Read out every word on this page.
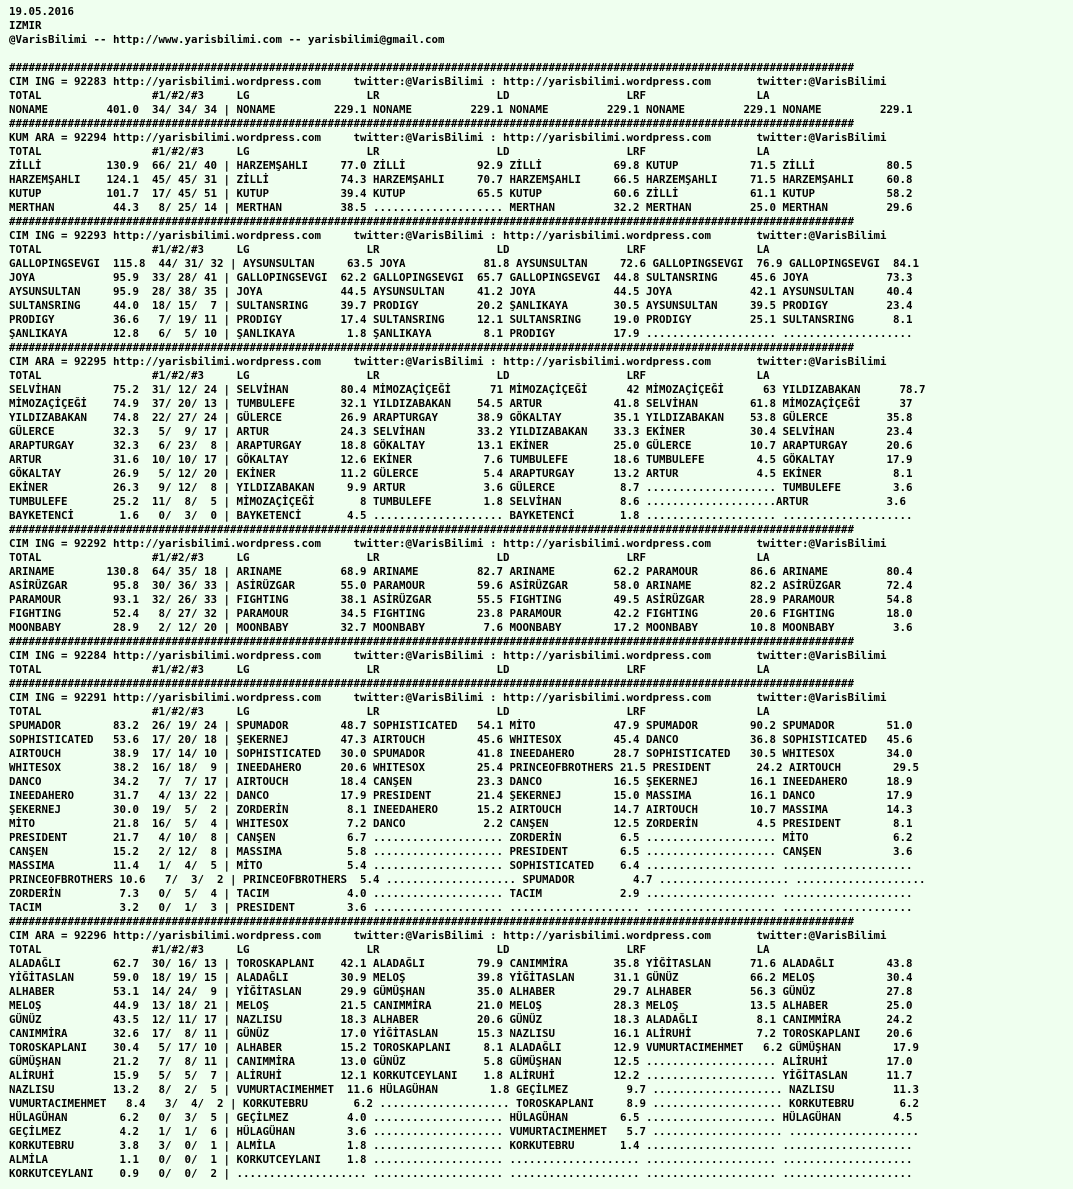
19.05.2016
IZMIR
@VarisBilimi -- http://www.yarisbilimi.com -- yarisbilimi@gmail.com
##################################################################################################################################
CIM ING = 92283 http://yarisbilimi.wordpress.com     twitter:@VarisBilimi : http://yarisbilimi.wordpress.com       twitter:@VarisBilimi
TOTAL                 #1/#2/#3     LG                  LR                  LD                  LRF                 LA
NONAME         401.0  34/ 34/ 34 | NONAME         229.1 NONAME         229.1 NONAME         229.1 NONAME         229.1 NONAME         229.1
##################################################################################################################################
KUM ARA = 92294 http://yarisbilimi.wordpress.com     twitter:@VarisBilimi : http://yarisbilimi.wordpress.com       twitter:@VarisBilimi
TOTAL                 #1/#2/#3     LG                  LR                  LD                  LRF                 LA
ZİLLİ          130.9  66/ 21/ 40 | HARZEMŞAHLI     77.0 ZİLLİ           92.9 ZİLLİ           69.8 KUTUP           71.5 ZİLLİ           80.5
HARZEMŞAHLI    124.1  45/ 45/ 31 | ZİLLİ           74.3 HARZEMŞAHLI     70.7 HARZEMŞAHLI     66.5 HARZEMŞAHLI     71.5 HARZEMŞAHLI     60.8
KUTUP          101.7  17/ 45/ 51 | KUTUP           39.4 KUTUP           65.5 KUTUP           60.6 ZİLLİ           61.1 KUTUP           58.2
MERTHAN         44.3   8/ 25/ 14 | MERTHAN         38.5 .................... MERTHAN         32.2 MERTHAN         25.0 MERTHAN         29.6
##################################################################################################################################
CIM ING = 92293 http://yarisbilimi.wordpress.com     twitter:@VarisBilimi : http://yarisbilimi.wordpress.com       twitter:@VarisBilimi
TOTAL                 #1/#2/#3     LG                  LR                  LD                  LRF                 LA
GALLOPINGSEVGI  115.8  44/ 31/ 32 | AYSUNSULTAN     63.5 JOYA            81.8 AYSUNSULTAN     72.6 GALLOPINGSEVGI  76.9 GALLOPINGSEVGI  84.1
JOYA            95.9  33/ 28/ 41 | GALLOPINGSEVGI  62.2 GALLOPINGSEVGI  65.7 GALLOPINGSEVGI  44.8 SULTANSRING     45.6 JOYA            73.3
AYSUNSULTAN     95.9  28/ 38/ 35 | JOYA            44.5 AYSUNSULTAN     41.2 JOYA            44.5 JOYA            42.1 AYSUNSULTAN     40.4
SULTANSRING     44.0  18/ 15/  7 | SULTANSRING     39.7 PRODIGY         20.2 ŞANLIKAYA       30.5 AYSUNSULTAN     39.5 PRODIGY         23.4
PRODIGY         36.6   7/ 19/ 11 | PRODIGY         17.4 SULTANSRING     12.1 SULTANSRING     19.0 PRODIGY         25.1 SULTANSRING      8.1
ŞANLIKAYA       12.8   6/  5/ 10 | ŞANLIKAYA        1.8 ŞANLIKAYA        8.1 PRODIGY         17.9 .................... ....................
##################################################################################################################################
CIM ARA = 92295 http://yarisbilimi.wordpress.com     twitter:@VarisBilimi : http://yarisbilimi.wordpress.com       twitter:@VarisBilimi
TOTAL                 #1/#2/#3     LG                  LR                  LD                  LRF                 LA
SELVİHAN        75.2  31/ 12/ 24 | SELVİHAN        80.4 MİMOZAÇİÇEĞİ      71 MİMOZAÇİÇEĞİ      42 MİMOZAÇİÇEĞİ      63 YILDIZABAKAN      78.7
MİMOZAÇİÇEĞİ    74.9  37/ 20/ 13 | TUMBULEFE       32.1 YILDIZABAKAN    54.5 ARTUR           41.8 SELVİHAN        61.8 MİMOZAÇİÇEĞİ      37
YILDIZABAKAN    74.8  22/ 27/ 24 | GÜLERCE         26.9 ARAPTURGAY      38.9 GÖKALTAY        35.1 YILDIZABAKAN    53.8 GÜLERCE         35.8
GÜLERCE         32.3   5/  9/ 17 | ARTUR           24.3 SELVİHAN        33.2 YILDIZABAKAN    33.3 EKİNER          30.4 SELVİHAN        23.4
ARAPTURGAY      32.3   6/ 23/  8 | ARAPTURGAY      18.8 GÖKALTAY        13.1 EKİNER          25.0 GÜLERCE         10.7 ARAPTURGAY      20.6
ARTUR           31.6  10/ 10/ 17 | GÖKALTAY        12.6 EKİNER           7.6 TUMBULEFE       18.6 TUMBULEFE        4.5 GÖKALTAY        17.9
GÖKALTAY        26.9   5/ 12/ 20 | EKİNER          11.2 GÜLERCE          5.4 ARAPTURGAY      13.2 ARTUR            4.5 EKİNER           8.1
EKİNER          26.3   9/ 12/  8 | YILDIZABAKAN     9.9 ARTUR            3.6 GÜLERCE          8.7 .................... TUMBULEFE        3.6
TUMBULEFE       25.2  11/  8/  5 | MİMOZAÇİÇEĞİ       8 TUMBULEFE        1.8 SELVİHAN         8.6 ....................ARTUR            3.6
BAYKETENCİ       1.6   0/  3/  0 | BAYKETENCİ       4.5 .................... BAYKETENCİ       1.8 .................... ....................
##################################################################################################################################
CIM ING = 92292 http://yarisbilimi.wordpress.com     twitter:@VarisBilimi : http://yarisbilimi.wordpress.com       twitter:@VarisBilimi
TOTAL                 #1/#2/#3     LG                  LR                  LD                  LRF                 LA
ARINAME        130.8  64/ 35/ 18 | ARINAME         68.9 ARINAME         82.7 ARINAME         62.2 PARAMOUR        86.6 ARINAME         80.4
ASİRÜZGAR       95.8  30/ 36/ 33 | ASİRÜZGAR       55.0 PARAMOUR        59.6 ASİRÜZGAR       58.0 ARINAME         82.2 ASİRÜZGAR       72.4
PARAMOUR        93.1  32/ 26/ 33 | FIGHTING        38.1 ASİRÜZGAR       55.5 FIGHTING        49.5 ASİRÜZGAR       28.9 PARAMOUR        54.8
FIGHTING        52.4   8/ 27/ 32 | PARAMOUR        34.5 FIGHTING        23.8 PARAMOUR        42.2 FIGHTING        20.6 FIGHTING        18.0
MOONBABY        28.9   2/ 12/ 20 | MOONBABY        32.7 MOONBABY         7.6 MOONBABY        17.2 MOONBABY        10.8 MOONBABY         3.6
##################################################################################################################################
CIM ING = 92284 http://yarisbilimi.wordpress.com     twitter:@VarisBilimi : http://yarisbilimi.wordpress.com       twitter:@VarisBilimi
TOTAL                 #1/#2/#3     LG                  LR                  LD                  LRF                 LA
##################################################################################################################################
CIM ING = 92291 http://yarisbilimi.wordpress.com     twitter:@VarisBilimi : http://yarisbilimi.wordpress.com       twitter:@VarisBilimi
TOTAL                 #1/#2/#3     LG                  LR                  LD                  LRF                 LA
SPUMADOR        83.2  26/ 19/ 24 | SPUMADOR        48.7 SOPHISTICATED   54.1 MİTO            47.9 SPUMADOR        90.2 SPUMADOR        51.0
SOPHISTICATED   53.6  17/ 20/ 18 | ŞEKERNEJ        47.3 AIRTOUCH        45.6 WHITESOX        45.4 DANCO           36.8 SOPHISTICATED   45.6
AIRTOUCH        38.9  17/ 14/ 10 | SOPHISTICATED   30.0 SPUMADOR        41.8 INEEDAHERO      28.7 SOPHISTICATED   30.5 WHITESOX        34.0
WHITESOX        38.2  16/ 18/  9 | INEEDAHERO      20.6 WHITESOX        25.4 PRINCEOFBROTHERS 21.5 PRESIDENT       24.2 AIRTOUCH        29.5
DANCO           34.2   7/  7/ 17 | AIRTOUCH        18.4 CANŞEN          23.3 DANCO           16.5 ŞEKERNEJ        16.1 INEEDAHERO      18.9
INEEDAHERO      31.7   4/ 13/ 22 | DANCO           17.9 PRESIDENT       21.4 ŞEKERNEJ        15.0 MASSIMA         16.1 DANCO           17.9
ŞEKERNEJ        30.0  19/  5/  2 | ZORDERİN         8.1 INEEDAHERO      15.2 AIRTOUCH        14.7 AIRTOUCH        10.7 MASSIMA         14.3
MİTO            21.8  16/  5/  4 | WHITESOX         7.2 DANCO            2.2 CANŞEN          12.5 ZORDERİN         4.5 PRESIDENT        8.1
PRESIDENT       21.7   4/ 10/  8 | CANŞEN           6.7 .................... ZORDERİN         6.5 .................... MİTO             6.2
CANŞEN          15.2   2/ 12/  8 | MASSIMA          5.8 .................... PRESIDENT        6.5 .................... CANŞEN           3.6
MASSIMA         11.4   1/  4/  5 | MİTO             5.4 .................... SOPHISTICATED    6.4 .................... ....................
PRINCEOFBROTHERS 10.6   7/  3/  2 | PRINCEOFBROTHERS  5.4 .................... SPUMADOR         4.7 .................... ....................
ZORDERİN         7.3   0/  5/  4 | TACIM            4.0 .................... TACIM            2.9 .................... ....................
TACIM            3.2   0/  1/  3 | PRESIDENT        3.6 .................... .................... .................... ....................
##################################################################################################################################
CIM ARA = 92296 http://yarisbilimi.wordpress.com     twitter:@VarisBilimi : http://yarisbilimi.wordpress.com       twitter:@VarisBilimi
TOTAL                 #1/#2/#3     LG                  LR                  LD                  LRF                 LA
ALADAĞLI        62.7  30/ 16/ 13 | TOROSKAPLANI    42.1 ALADAĞLI        79.9 CANIMMİRA       35.8 YİĞİTASLAN      71.6 ALADAĞLI        43.8
YİĞİTASLAN      59.0  18/ 19/ 15 | ALADAĞLI        30.9 MELOŞ           39.8 YİĞİTASLAN      31.1 GÜNÜZ           66.2 MELOŞ           30.4
ALHABER         53.1  14/ 24/  9 | YİĞİTASLAN      29.9 GÜMÜŞHAN        35.0 ALHABER         29.7 ALHABER         56.3 GÜNÜZ           27.8
MELOŞ           44.9  13/ 18/ 21 | MELOŞ           21.5 CANIMMİRA       21.0 MELOŞ           28.3 MELOŞ           13.5 ALHABER         25.0
GÜNÜZ           43.5  12/ 11/ 17 | NAZLISU         18.3 ALHABER         20.6 GÜNÜZ           18.3 ALADAĞLI         8.1 CANIMMİRA       24.2
CANIMMİRA       32.6  17/  8/ 11 | GÜNÜZ           17.0 YİĞİTASLAN      15.3 NAZLISU         16.1 ALİRUHİ          7.2 TOROSKAPLANI    20.6
TOROSKAPLANI    30.4   5/ 17/ 10 | ALHABER         15.2 TOROSKAPLANI     8.1 ALADAĞLI        12.9 VUMURTACIMEHMET   6.2 GÜMÜŞHAN        17.9
GÜMÜŞHAN        21.2   7/  8/ 11 | CANIMMİRA       13.0 GÜNÜZ            5.8 GÜMÜŞHAN        12.5 .................... ALİRUHİ         17.0
ALİRUHİ         15.9   5/  5/  7 | ALİRUHİ         12.1 KORKUTCEYLANI    1.8 ALİRUHİ         12.2 .................... YİĞİTASLAN      11.7
NAZLISU         13.2   8/  2/  5 | VUMURTACIMEHMET  11.6 HÜLAGÜHAN        1.8 GEÇİLMEZ         9.7 .................... NAZLISU         11.3
VUMURTACIMEHMET   8.4   3/  4/  2 | KORKUTEBRU       6.2 .................... TOROSKAPLANI     8.9 .................... KORKUTEBRU       6.2
HÜLAGÜHAN        6.2   0/  3/  5 | GEÇİLMEZ         4.0 .................... HÜLAGÜHAN        6.5 .................... HÜLAGÜHAN        4.5
GEÇİLMEZ         4.2   1/  1/  6 | HÜLAGÜHAN        3.6 .................... VUMURTACIMEHMET   5.7 .................... ....................
KORKUTEBRU       3.8   3/  0/  1 | ALMİLA           1.8 .................... KORKUTEBRU       1.4 .................... ....................
ALMİLA           1.1   0/  0/  1 | KORKUTCEYLANI    1.8 .................... .................... .................... ....................
KORKUTCEYLANI    0.9   0/  0/  2 | .................... .................... .................... .................... ....................
